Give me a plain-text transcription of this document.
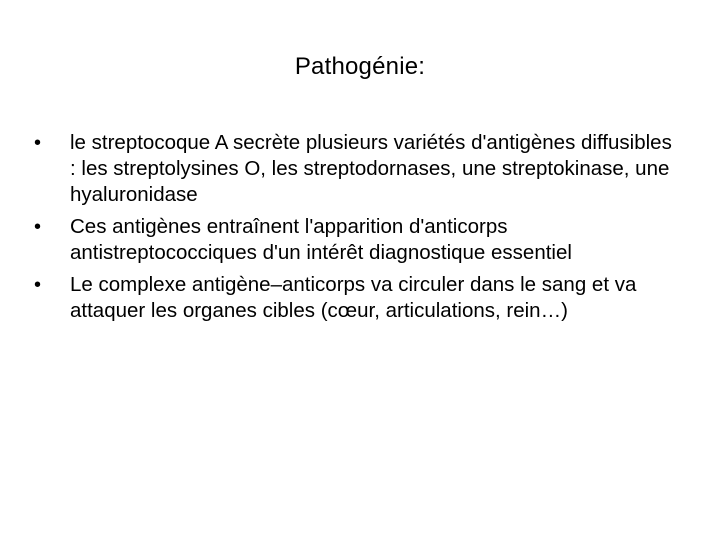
Pathogénie:
•	le streptocoque A secrète plusieurs variétés d'antigènes diffusibles : les streptolysines O, les streptodornases, une streptokinase, une hyaluronidase
•	Ces antigènes entraînent l'apparition d'anticorps antistreptococciques d'un intérêt diagnostique essentiel
•	Le complexe antigène–anticorps va circuler dans le sang et va attaquer les organes cibles (cœur, articulations, rein…)
